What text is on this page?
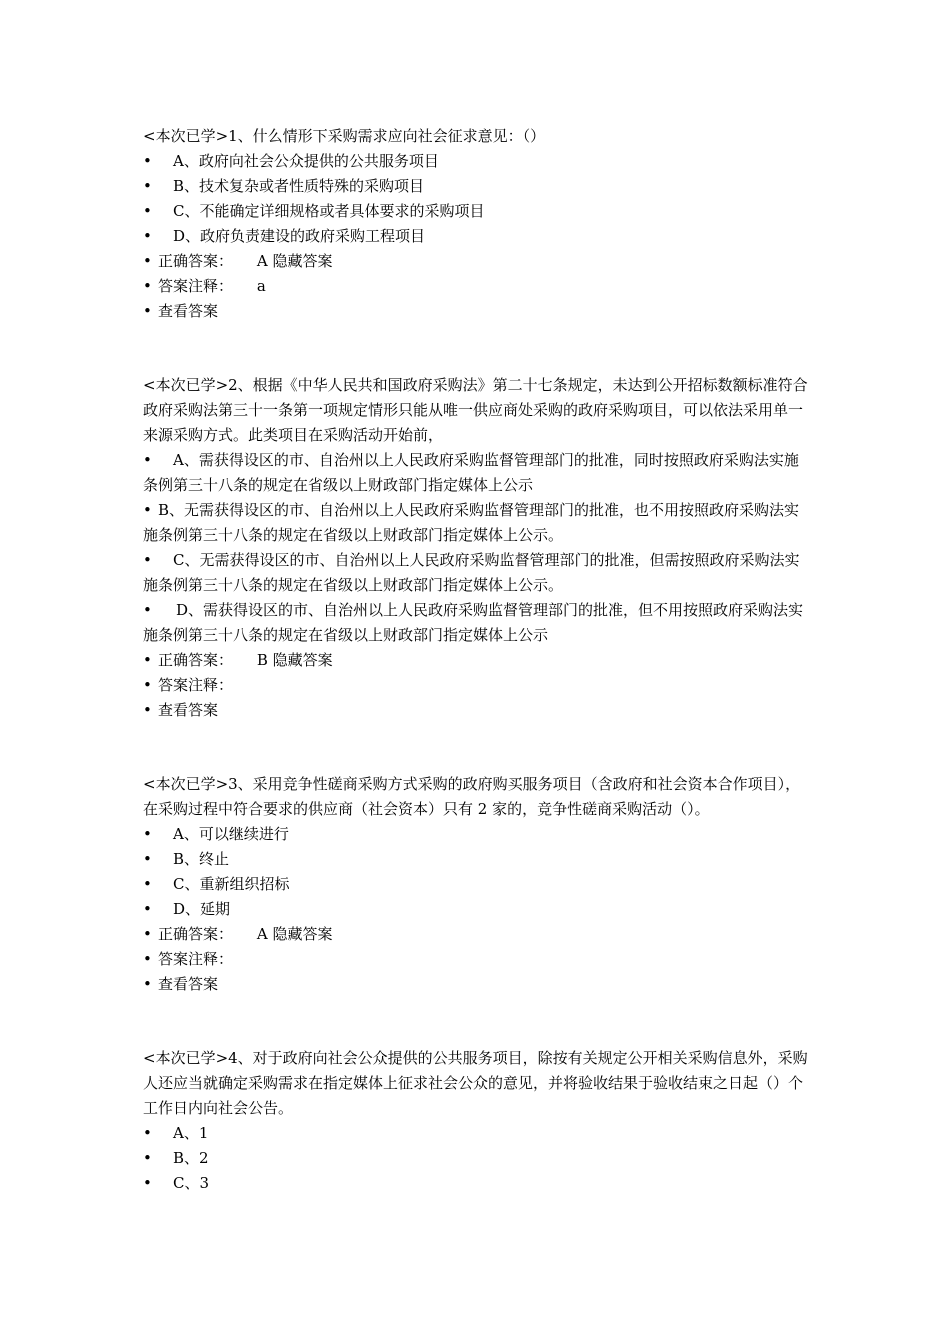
<本次已学>1、什么情形下采购需求应向社会征求意见：（）
• A、政府向社会公众提供的公共服务项目
• B、技术复杂或者性质特殊的采购项目
• C、不能确定详细规格或者具体要求的采购项目
• D、政府负责建设的政府采购工程项目
• 正确答案： A 隐藏答案
• 答案注释： a
• 查看答案
<本次已学>2、根据《中华人民共和国政府采购法》第二十七条规定，未达到公开招标数额标准符合政府采购法第三十一条第一项规定情形只能从唯一供应商处采购的政府采购项目，可以依法采用单一来源采购方式。此类项目在采购活动开始前，
• A、需获得设区的市、自治州以上人民政府采购监督管理部门的批准，同时按照政府采购法实施条例第三十八条的规定在省级以上财政部门指定媒体上公示
• B、无需获得设区的市、自治州以上人民政府采购监督管理部门的批准，也不用按照政府采购法实施条例第三十八条的规定在省级以上财政部门指定媒体上公示。
• C、无需获得设区的市、自治州以上人民政府采购监督管理部门的批准，但需按照政府采购法实施条例第三十八条的规定在省级以上财政部门指定媒体上公示。
• D、需获得设区的市、自治州以上人民政府采购监督管理部门的批准，但不用按照政府采购法实施条例第三十八条的规定在省级以上财政部门指定媒体上公示
• 正确答案： B 隐藏答案
• 答案注释：
• 查看答案
<本次已学>3、采用竞争性磋商采购方式采购的政府购买服务项目（含政府和社会资本合作项目），在采购过程中符合要求的供应商（社会资本）只有 2 家的，竞争性磋商采购活动（）。
• A、可以继续进行
• B、终止
• C、重新组织招标
• D、延期
• 正确答案： A 隐藏答案
• 答案注释：
• 查看答案
<本次已学>4、对于政府向社会公众提供的公共服务项目，除按有关规定公开相关采购信息外，采购人还应当就确定采购需求在指定媒体上征求社会公众的意见，并将验收结果于验收结束之日起（）个工作日内向社会公告。
• A、1
• B、2
• C、3
